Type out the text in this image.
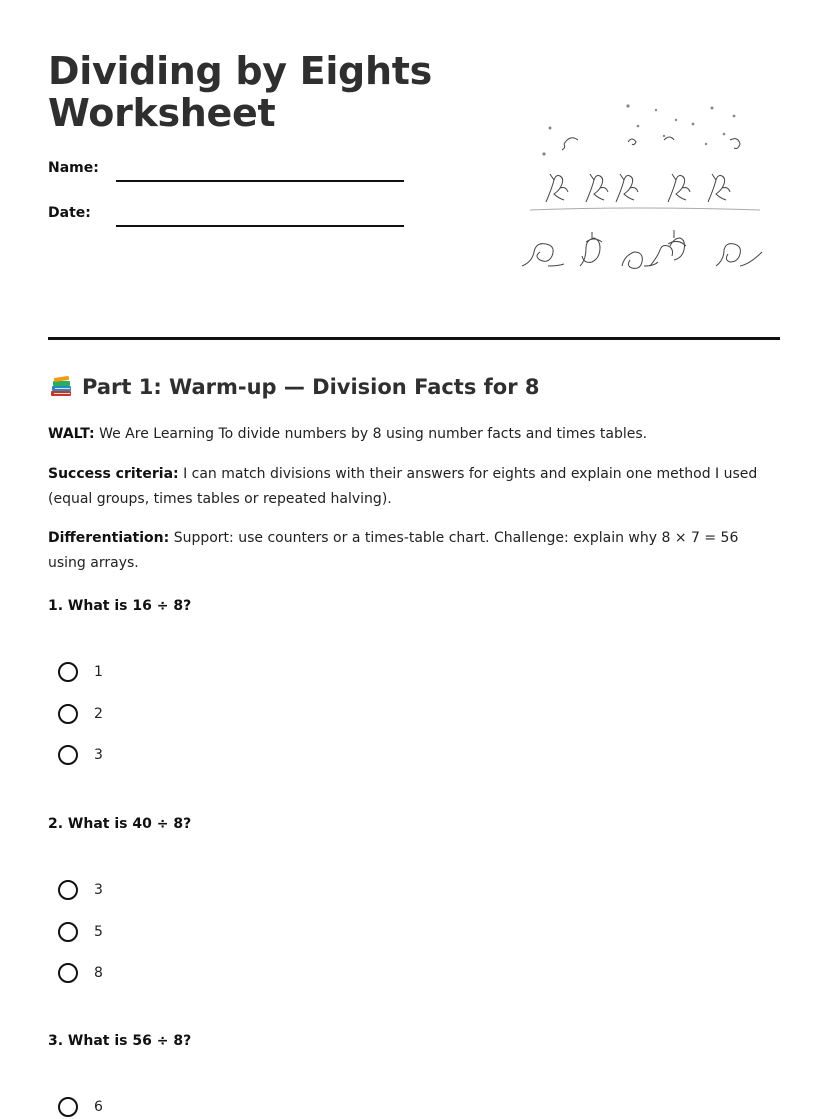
Dividing by Eights Worksheet
Name:
Date:
Part 1: Warm-up — Division Facts for 8
WALT: We Are Learning To divide numbers by 8 using number facts and times tables.
Success criteria: I can match divisions with their answers for eights and explain one method I used (equal groups, times tables or repeated halving).
Differentiation: Support: use counters or a times-table chart. Challenge: explain why 8 × 7 = 56 using arrays.
1. What is 16 ÷ 8?
1
2
3
2. What is 40 ÷ 8?
3
5
8
3. What is 56 ÷ 8?
6
